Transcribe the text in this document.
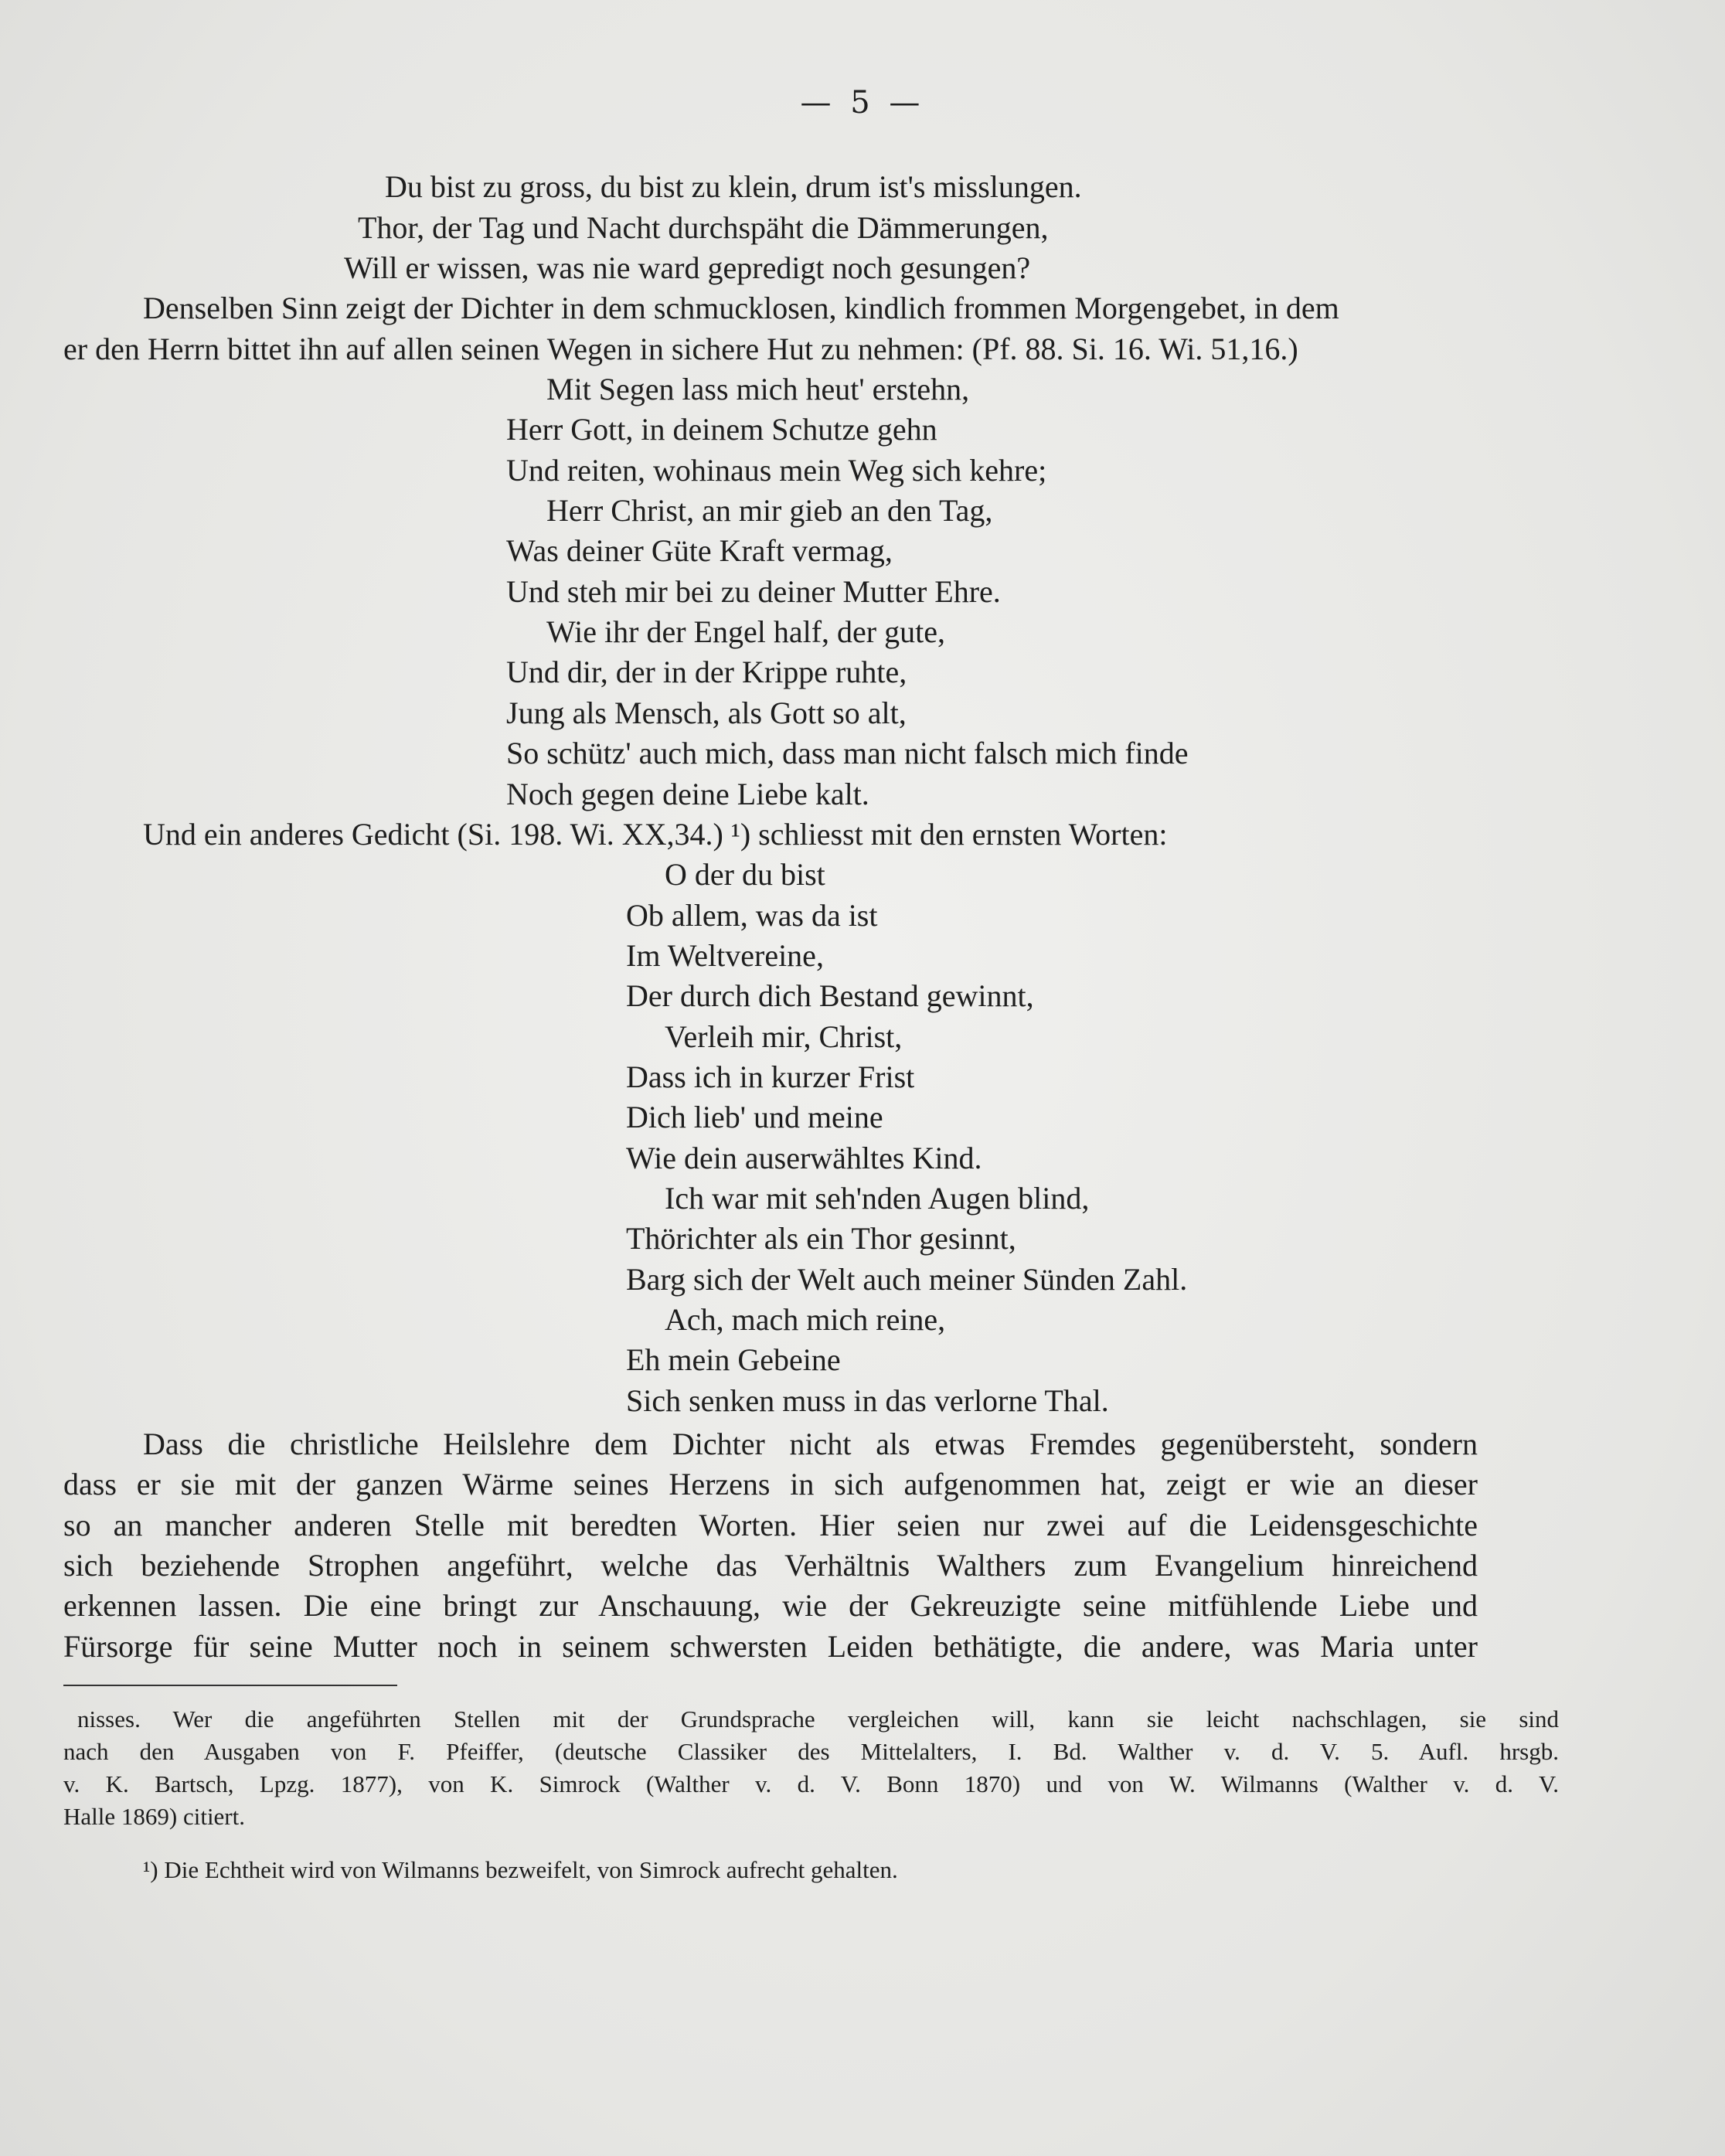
— 5 —
Du bist zu gross, du bist zu klein, drum ist's misslungen.
Thor, der Tag und Nacht durchspäht die Dämmerungen,
Will er wissen, was nie ward gepredigt noch gesungen?
Denselben Sinn zeigt der Dichter in dem schmucklosen, kindlich frommen Morgengebet, in dem
er den Herrn bittet ihn auf allen seinen Wegen in sichere Hut zu nehmen: (Pf. 88. Si. 16. Wi. 51,16.)
Mit Segen lass mich heut' erstehn,
Herr Gott, in deinem Schutze gehn
Und reiten, wohinaus mein Weg sich kehre;
Herr Christ, an mir gieb an den Tag,
Was deiner Güte Kraft vermag,
Und steh mir bei zu deiner Mutter Ehre.
Wie ihr der Engel half, der gute,
Und dir, der in der Krippe ruhte,
Jung als Mensch, als Gott so alt,
So schütz' auch mich, dass man nicht falsch mich finde
Noch gegen deine Liebe kalt.
Und ein anderes Gedicht (Si. 198. Wi. XX,34.) ¹) schliesst mit den ernsten Worten:
O der du bist
Ob allem, was da ist
Im Weltvereine,
Der durch dich Bestand gewinnt,
Verleih mir, Christ,
Dass ich in kurzer Frist
Dich lieb' und meine
Wie dein auserwähltes Kind.
Ich war mit seh'nden Augen blind,
Thörichter als ein Thor gesinnt,
Barg sich der Welt auch meiner Sünden Zahl.
Ach, mach mich reine,
Eh mein Gebeine
Sich senken muss in das verlorne Thal.
Dass die christliche Heilslehre dem Dichter nicht als etwas Fremdes gegenübersteht, sondern
dass er sie mit der ganzen Wärme seines Herzens in sich aufgenommen hat, zeigt er wie an dieser
so an mancher anderen Stelle mit beredten Worten. Hier seien nur zwei auf die Leidensgeschichte
sich beziehende Strophen angeführt, welche das Verhältnis Walthers zum Evangelium hinreichend
erkennen lassen. Die eine bringt zur Anschauung, wie der Gekreuzigte seine mitfühlende Liebe und
Fürsorge für seine Mutter noch in seinem schwersten Leiden bethätigte, die andere, was Maria unter
nisses. Wer die angeführten Stellen mit der Grundsprache vergleichen will, kann sie leicht nachschlagen, sie sind
nach den Ausgaben von F. Pfeiffer, (deutsche Classiker des Mittelalters, I. Bd. Walther v. d. V. 5. Aufl. hrsgb.
v. K. Bartsch, Lpzg. 1877), von K. Simrock (Walther v. d. V. Bonn 1870) und von W. Wilmanns (Walther v. d. V.
Halle 1869) citiert.
¹) Die Echtheit wird von Wilmanns bezweifelt, von Simrock aufrecht gehalten.
